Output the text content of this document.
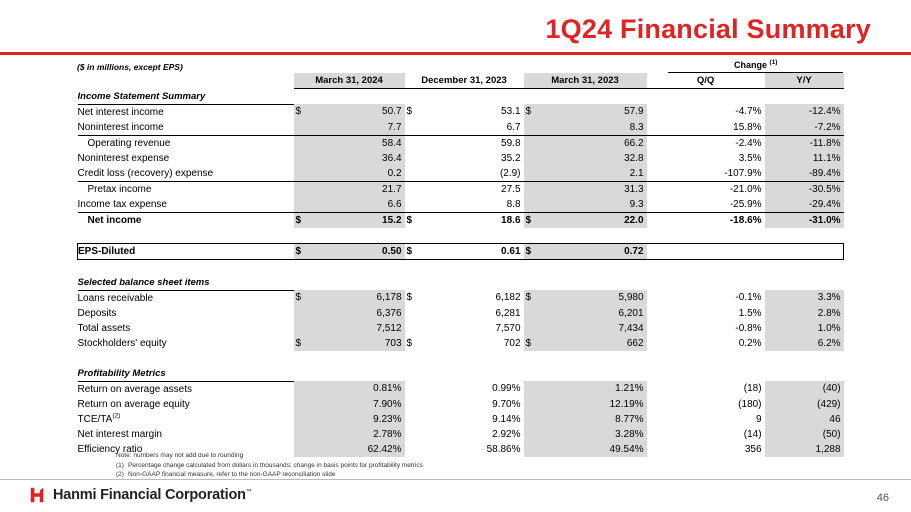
1Q24 Financial Summary
($ in millions, except EPS)	Change $^{(1)}$
	March 31, 2024		December 31, 2023		March 31, 2023		Q/Q	Y/Y
Income Statement Summary								
Net interest income	$	50.7	$	53.1	$	57.9	-4.7%	-12.4%
Noninterest income		7.7		6.7		8.3	15.8%	-7.2%
Operating revenue		58.4		59.8		66.2	-2.4%	-11.8%
Noninterest expense		36.4		35.2		32.8	3.5%	11.1%
Credit loss (recovery) expense		0.2		(2.9)		2.1	-107.9%	-89.4%
Pretax income		21.7		27.5		31.3	-21.0%	-30.5%
Income tax expense		6.6		8.8		9.3	-25.9%	-29.4%
Net income	$	15.2	$	18.6	$	22.0	-18.6%	-31.0%

EPS-Diluted	$	0.50	$	0.61	$	0.72		

Selected balance sheet items								
Loans receivable	$	6,178	$	6,182	$	5,980	-0.1%	3.3%
Deposits		6,376		6,281		6,201	1.5%	2.8%
Total assets		7,512		7,570		7,434	-0.8%	1.0%
Stockholders' equity	$	703	$	702	$	662	0.2%	6.2%

Profitability Metrics								
Return on average assets		0.81%		0.99%		1.21%	(18)	(40)
Return on average equity		7.90%		9.70%		12.19%	(180)	(429)
TCE/TA$^{(2)}$		9.23%		9.14%		8.77%	9	46
Net interest margin		2.78%		2.92%		3.28%	(14)	(50)
Efficiency ratio		62.42%		58.86%		49.54%	356	1,288
Note: numbers may not add due to rounding
(1) Percentage change calculated from dollars in thousands; change in basis points for profitability metrics
(2) Non-GAAP financial measure, refer to the non-GAAP reconciliation slide
Hanmi Financial Corporation™	46
